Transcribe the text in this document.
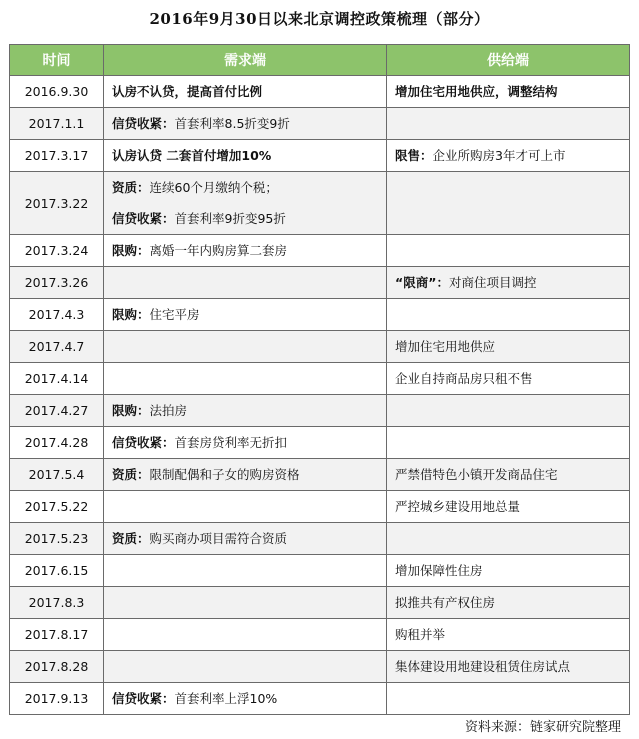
2016年9月30日以来北京调控政策梳理（部分）
时间	需求端	供给端
2016.9.30	认房不认贷，提高首付比例	增加住宅用地供应，调整结构

2017.1.1	信贷收紧：首套利率8.5折变9折	

2017.3.17	认房认贷 二套首付增加10%	限售：企业所购房3年才可上市

2017.3.22	资质：连续60个月缴纳个税；
信贷收紧：首套利率9折变95折	

2017.3.24	限购：离婚一年内购房算二套房	

2017.3.26		“限商”：对商住项目调控

2017.4.3	限购：住宅平房	

2017.4.7		增加住宅用地供应

2017.4.14		企业自持商品房只租不售

2017.4.27	限购：法拍房	

2017.4.28	信贷收紧：首套房贷利率无折扣	

2017.5.4	资质：限制配偶和子女的购房资格	严禁借特色小镇开发商品住宅

2017.5.22		严控城乡建设用地总量

2017.5.23	资质：购买商办项目需符合资质	

2017.6.15		增加保障性住房

2017.8.3		拟推共有产权住房

2017.8.17		购租并举

2017.8.28		集体建设用地建设租赁住房试点

2017.9.13	信贷收紧：首套利率上浮10%	

资料来源：链家研究院整理
